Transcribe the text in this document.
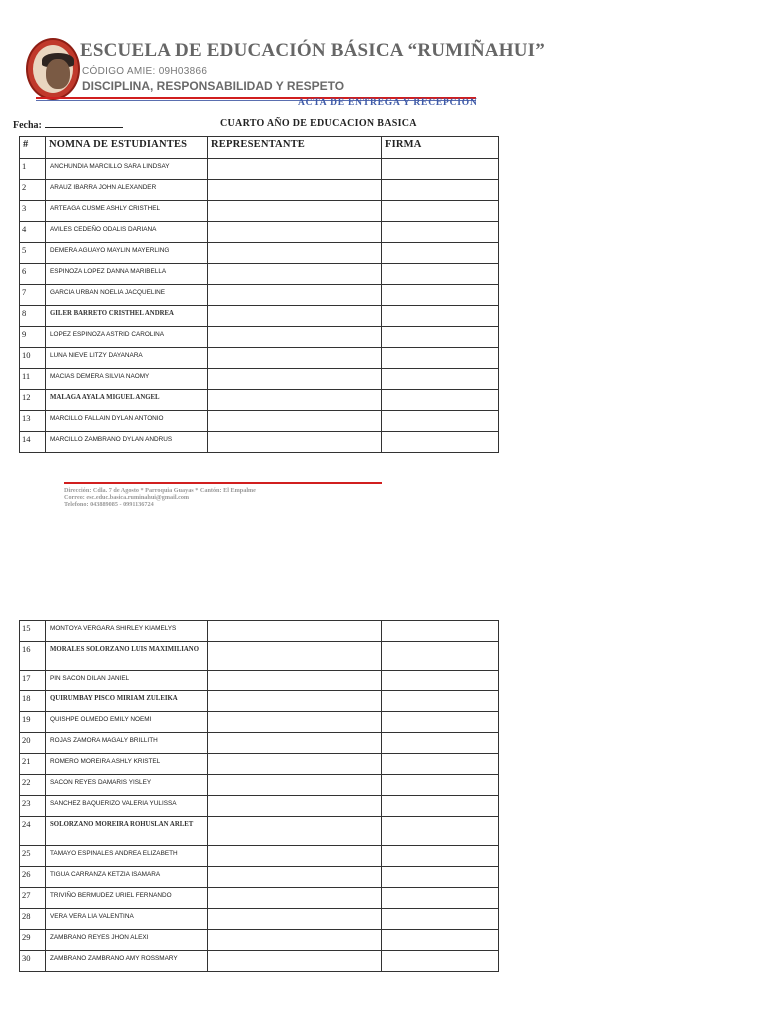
ESCUELA DE EDUCACIÓN BÁSICA “RUMIÑAHUI”
CÓDIGO AMIE: 09H03866
DISCIPLINA, RESPONSABILIDAD Y RESPETO
ACTA DE ENTREGA Y RECEPCION
Fecha:	CUARTO AÑO DE EDUCACION BASICA
#	NOMNA DE ESTUDIANTES	REPRESENTANTE	FIRMA
1	ANCHUNDIA MARCILLO SARA LINDSAY		
2	ARAUZ IBARRA JOHN ALEXANDER		
3	ARTEAGA CUSME ASHLY CRISTHEL		
4	AVILES CEDEÑO ODALIS DARIANA		
5	DEMERA AGUAYO MAYLIN MAYERLING		
6	ESPINOZA LOPEZ DANNA MARIBELLA		
7	GARCIA URBAN NOELIA JACQUELINE		
8	GILER BARRETO CRISTHEL ANDREA		
9	LOPEZ ESPINOZA ASTRID CAROLINA		
10	LUNA NIEVE LITZY DAYANARA		
11	MACIAS DEMERA SILVIA NAOMY		
12	MALAGA AYALA MIGUEL ANGEL		
13	MARCILLO FALLAIN DYLAN ANTONIO		
14	MARCILLO ZAMBRANO DYLAN ANDRUS		
Dirección: Cdla. 7 de Agosto * Parroquia Guayas * Cantón: El Empalme
Correo: esc.educ.basica.ruminahui@gmail.com
Telefono: 043889085 - 0991136724
15	MONTOYA VERGARA SHIRLEY KIAMELYS		
16	MORALES SOLORZANO LUIS MAXIMILIANO		
17	PIN SACON DILAN JANIEL		
18	QUIRUMBAY PISCO MIRIAM ZULEIKA		
19	QUISHPE OLMEDO EMILY NOEMI		
20	ROJAS ZAMORA MAGALY BRILLITH		
21	ROMERO MOREIRA ASHLY KRISTEL		
22	SACON REYES DAMARIS YISLEY		
23	SANCHEZ BAQUERIZO VALERIA YULISSA		
24	SOLORZANO MOREIRA ROHUSLAN ARLET		
25	TAMAYO ESPINALES ANDREA ELIZABETH		
26	TIGUA CARRANZA KETZIA ISAMARA		
27	TRIVIÑO BERMUDEZ URIEL FERNANDO		
28	VERA VERA LIA VALENTINA		
29	ZAMBRANO REYES JHON ALEXI		
30	ZAMBRANO ZAMBRANO AMY ROSSMARY		
